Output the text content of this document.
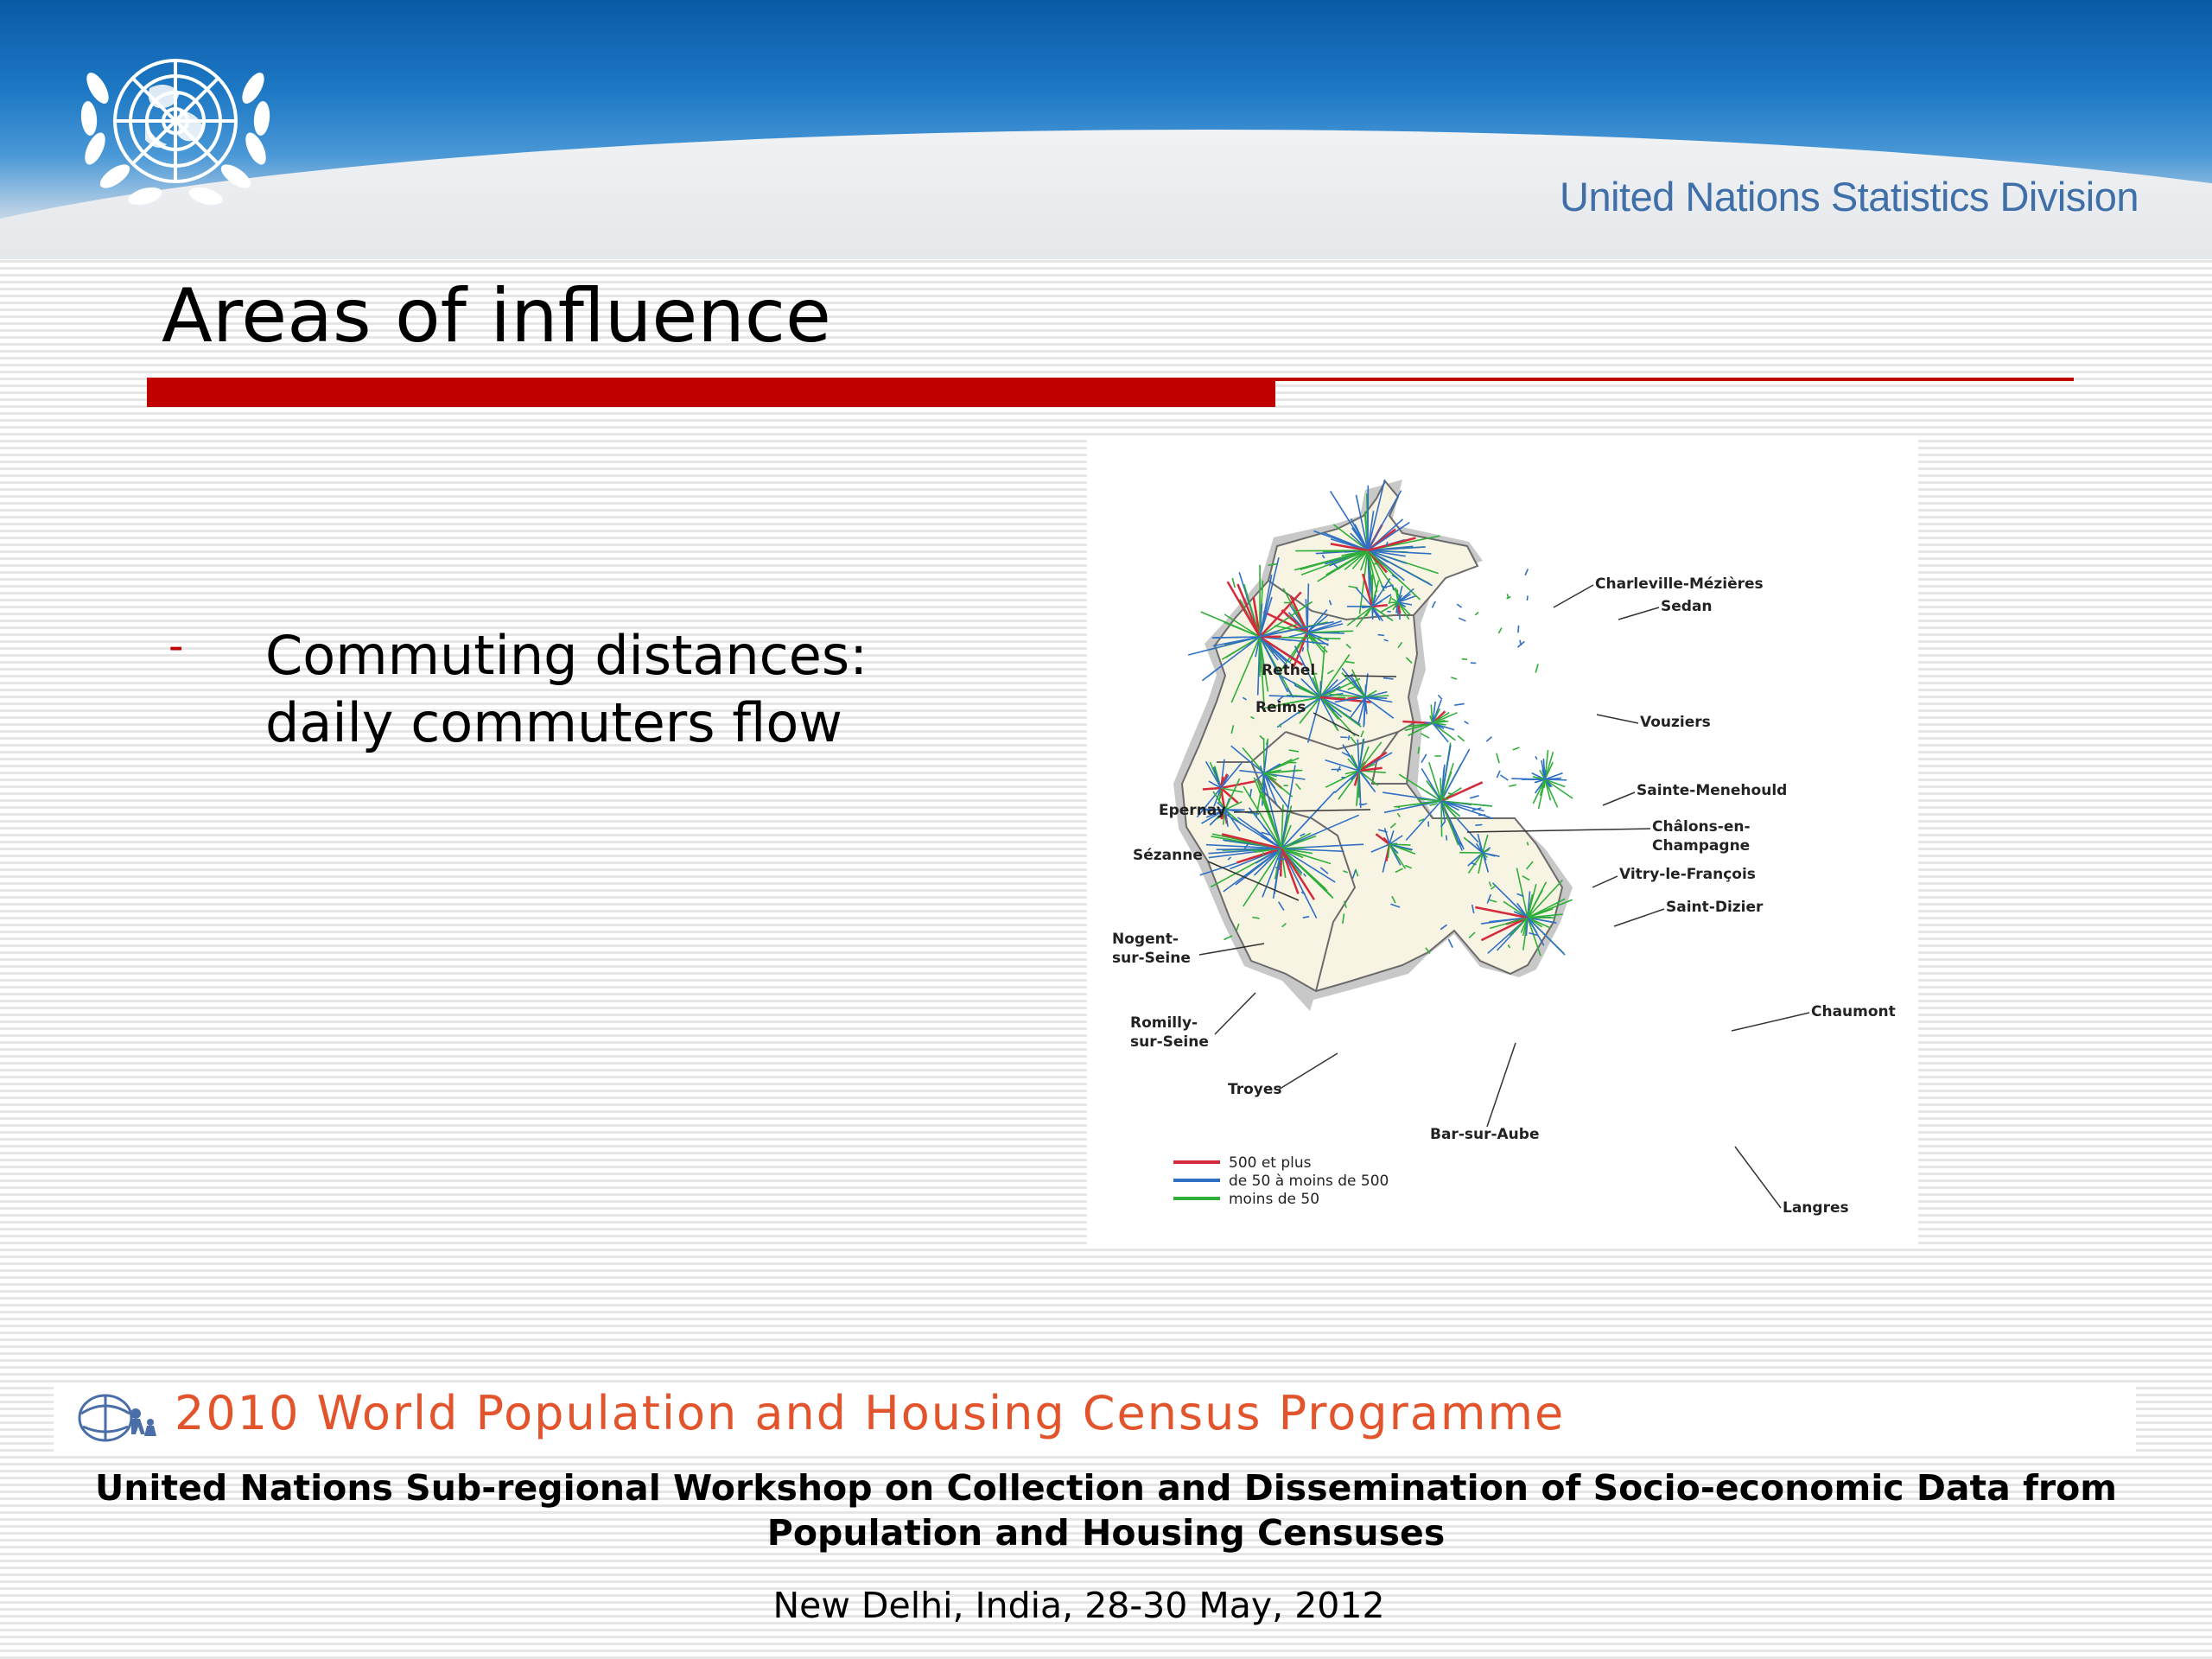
United Nations Statistics Division
Areas of influence
- Commuting distances:
daily commuters flow
Charleville-Mézières
Sedan
Rethel
Reims
Vouziers
Sainte-Menehould
Epernay
Châlons-en-
Champagne
Sézanne
Vitry-le-François
Saint-Dizier
Nogent-
sur-Seine
Chaumont
Romilly-
sur-Seine
Troyes
Bar-sur-Aube
Langres
500 et plus
de 50 à moins de 500
moins de 50
2010 World Population and Housing Census Programme
United Nations Sub-regional Workshop on Collection and Dissemination of Socio-economic Data from
Population and Housing Censuses
New Delhi, India, 28-30 May, 2012
